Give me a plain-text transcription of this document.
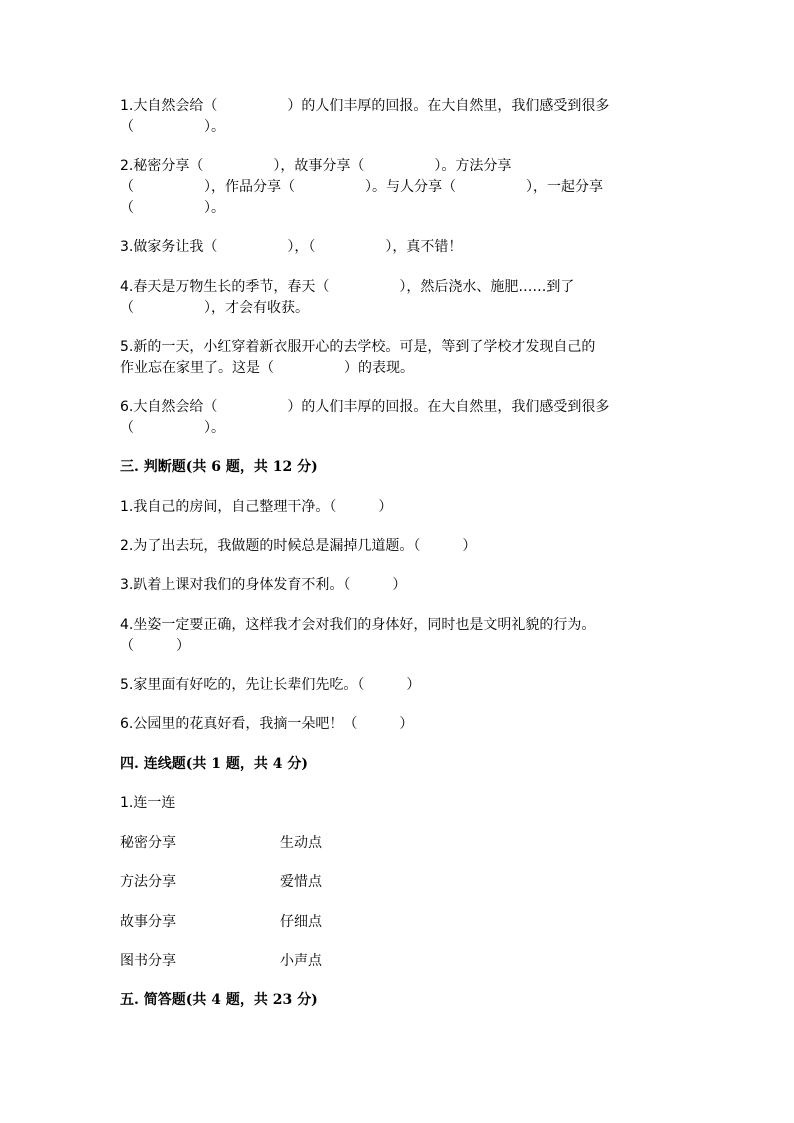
1.大自然会给（　　　　　）的人们丰厚的回报。在大自然里，我们感受到很多

（　　　　　）。

2.秘密分享（　　　　　），故事分享（　　　　　）。方法分享

（　　　　　），作品分享（　　　　　）。与人分享（　　　　　），一起分享

（　　　　　）。

3.做家务让我（　　　　　），（　　　　　），真不错！

4.春天是万物生长的季节，春天（　　　　　），然后浇水、施肥……到了

（　　　　　），才会有收获。

5.新的一天，小红穿着新衣服开心的去学校。可是，等到了学校才发现自己的

作业忘在家里了。这是（　　　　　）的表现。

6.大自然会给（　　　　　）的人们丰厚的回报。在大自然里，我们感受到很多

（　　　　　）。

三. 判断题(共 6 题，共 12 分)

1.我自己的房间，自己整理干净。（　　　）

2.为了出去玩，我做题的时候总是漏掉几道题。（　　　）

3.趴着上课对我们的身体发育不利。（　　　）

4.坐姿一定要正确，这样我才会对我们的身体好，同时也是文明礼貌的行为。

（　　　）

5.家里面有好吃的，先让长辈们先吃。（　　　）

6.公园里的花真好看，我摘一朵吧！（　　　）

四. 连线题(共 1 题，共 4 分)

1.连一连

秘密分享	生动点

方法分享	爱惜点

故事分享	仔细点

图书分享	小声点

五. 简答题(共 4 题，共 23 分)
